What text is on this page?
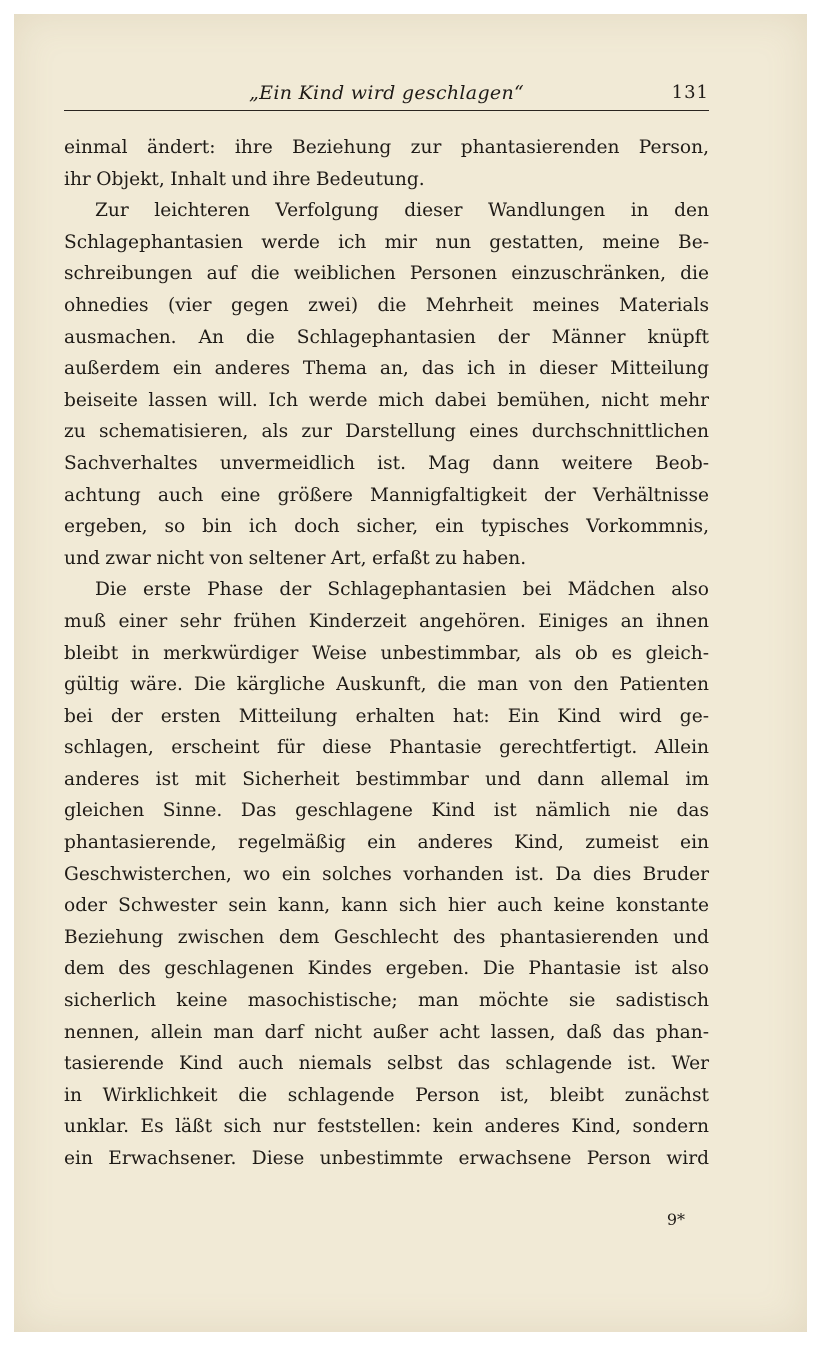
„Ein Kind wird geschlagen“	131
einmal ändert: ihre Beziehung zur phantasierenden Person,
ihr Objekt, Inhalt und ihre Bedeutung.
Zur leichteren Verfolgung dieser Wandlungen in den
Schlagephantasien werde ich mir nun gestatten, meine Be-
schreibungen auf die weiblichen Personen einzuschränken, die
ohnedies (vier gegen zwei) die Mehrheit meines Materials
ausmachen. An die Schlagephantasien der Männer knüpft
außerdem ein anderes Thema an, das ich in dieser Mitteilung
beiseite lassen will. Ich werde mich dabei bemühen, nicht mehr
zu schematisieren, als zur Darstellung eines durchschnittlichen
Sachverhaltes unvermeidlich ist. Mag dann weitere Beob-
achtung auch eine größere Mannigfaltigkeit der Verhältnisse
ergeben, so bin ich doch sicher, ein typisches Vorkommnis,
und zwar nicht von seltener Art, erfaßt zu haben.
Die erste Phase der Schlagephantasien bei Mädchen also
muß einer sehr frühen Kinderzeit angehören. Einiges an ihnen
bleibt in merkwürdiger Weise unbestimmbar, als ob es gleich-
gültig wäre. Die kärgliche Auskunft, die man von den Patienten
bei der ersten Mitteilung erhalten hat: Ein Kind wird ge-
schlagen, erscheint für diese Phantasie gerechtfertigt. Allein
anderes ist mit Sicherheit bestimmbar und dann allemal im
gleichen Sinne. Das geschlagene Kind ist nämlich nie das
phantasierende, regelmäßig ein anderes Kind, zumeist ein
Geschwisterchen, wo ein solches vorhanden ist. Da dies Bruder
oder Schwester sein kann, kann sich hier auch keine konstante
Beziehung zwischen dem Geschlecht des phantasierenden und
dem des geschlagenen Kindes ergeben. Die Phantasie ist also
sicherlich keine masochistische; man möchte sie sadistisch
nennen, allein man darf nicht außer acht lassen, daß das phan-
tasierende Kind auch niemals selbst das schlagende ist. Wer
in Wirklichkeit die schlagende Person ist, bleibt zunächst
unklar. Es läßt sich nur feststellen: kein anderes Kind, sondern
ein Erwachsener. Diese unbestimmte erwachsene Person wird
9*
